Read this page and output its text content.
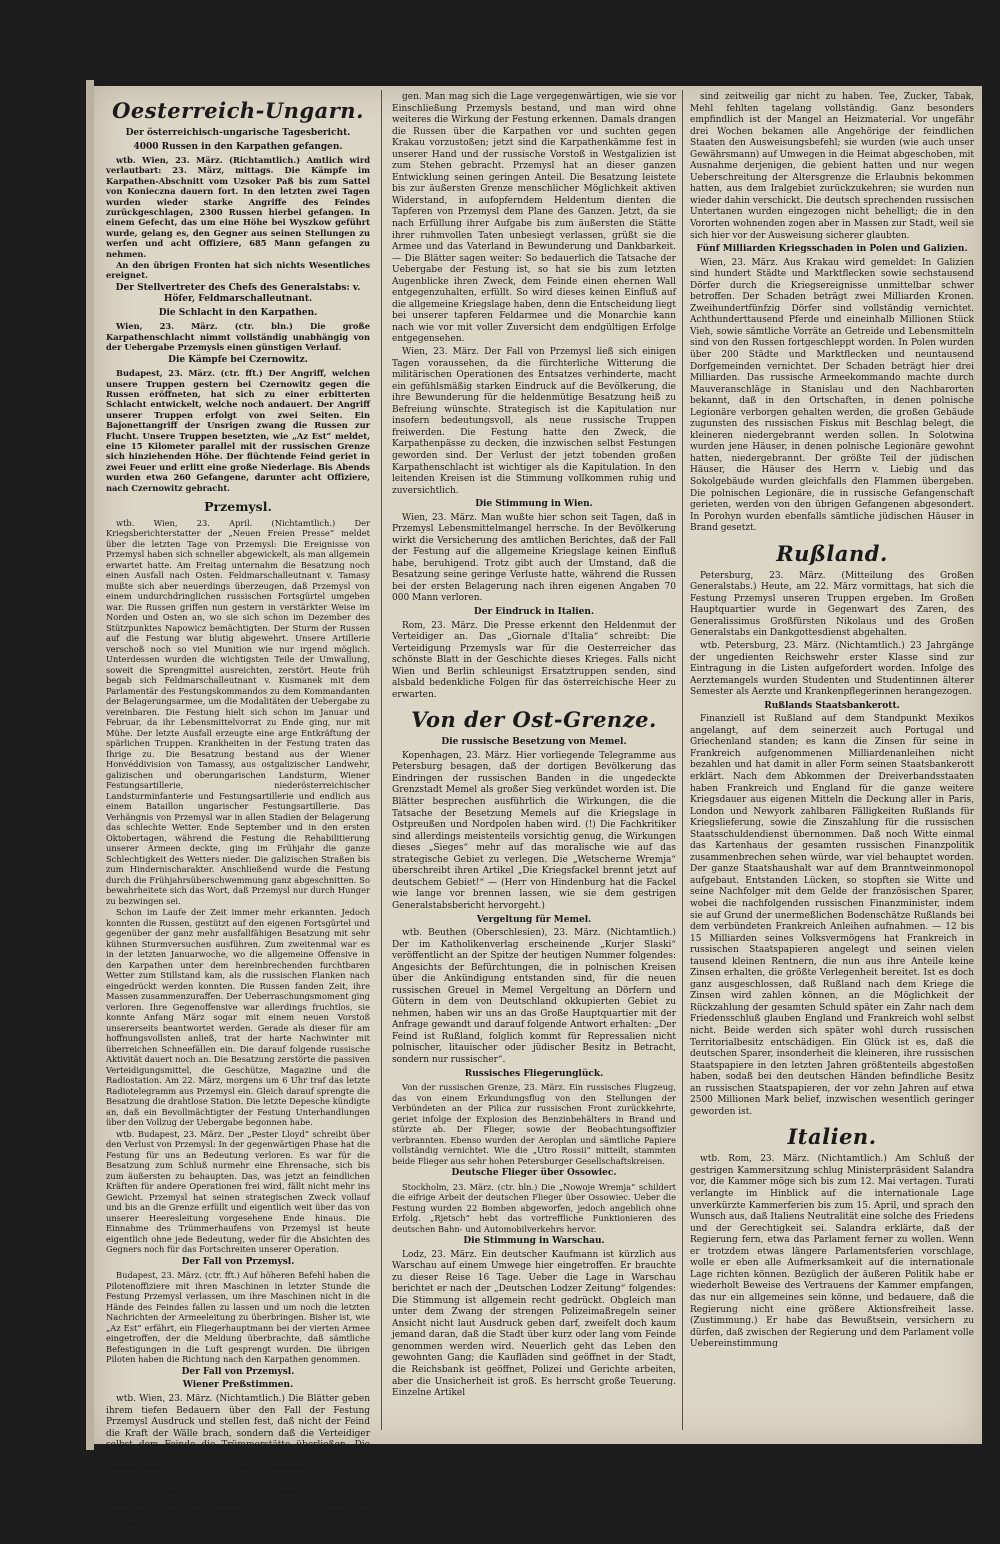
Oesterreich-Ungarn.
Der österreichisch-ungarische Tagesbericht.
4000 Russen in den Karpathen gefangen.

wtb. Wien, 23. März. (Richtamtlich.) Amtlich wird verlautbart: 23. März, mittags. Die Kämpfe im Karpathen-Abschnitt vom Uzsoker Paß bis zum Sattel von Konieczna dauern fort. In den letzten zwei Tagen wurden wieder starke Angriffe des Feindes zurückgeschlagen, 2300 Russen hierbei gefangen. In einem Gefecht, das um eine Höhe bei Wyszkow geführt wurde, gelang es, den Gegner aus seinen Stellungen zu werfen und acht Offiziere, 685 Mann gefangen zu nehmen.

An den übrigen Fronten hat sich nichts Wesentliches ereignet.

Der Stellvertreter des Chefs des Generalstabs: v. Höfer, Feldmarschalleutnant.
Die Schlacht in den Karpathen.

Wien, 23. März. (ctr. bln.) Die große Karpathenschlacht nimmt vollständig unabhängig von der Uebergabe Przemysls einen günstigen Verlauf.

Die Kämpfe bei Czernowitz.

Budapest, 23. März. (ctr. fft.) Der Angriff, welchen unsere Truppen gestern bei Czernowitz gegen die Russen eröffneten, hat sich zu einer erbitterten Schlacht entwickelt, welche noch andauert. Der Angriff unserer Truppen erfolgt von zwei Seiten. Ein Bajonettangriff der Unsrigen zwang die Russen zur Flucht. Unsere Truppen besetzten, wie „Az Est“ meldet, eine 15 Kilometer parallel mit der russischen Grenze sich hinziehenden Höhe. Der flüchtende Feind geriet in zwei Feuer und erlitt eine große Niederlage. Bis Abends wurden etwa 260 Gefangene, darunter acht Offiziere, nach Czernowitz gebracht.

Przemysl.

wtb. Wien, 23. April. (Nichtamtlich.) Der Kriegsberichterstatter der „Neuen Freien Presse“ meldet über die letzten Tage von Przemysl: Die Ereignisse von Przemysl haben sich schneller abgewickelt, als man allgemein erwartet hatte. Am Freitag unternahm die Besatzung noch einen Ausfall nach Osten. Feldmarschalleutnant v. Tamasy mußte sich aber neuerdings überzeugen, daß Przemysl von einem undurchdringlichen russischen Fortsgürtel umgeben war. Die Russen griffen nun gestern in verstärkter Weise im Norden und Osten an, wo sie sich schon im Dezember des Stützpunktes Napowicz bemächtigten. Der Sturm der Russen auf die Festung war blutig abgewehrt. Unsere Artillerie verschoß noch so viel Munition wie nur irgend möglich. Unterdessen wurden die wichtigsten Teile der Umwallung, soweit die Sprengmittel ausreichten, zerstört. Heute früh begab sich Feldmarschalleutnant v. Kusmanek mit dem Parlamentär des Festungskommandos zu dem Kommandanten der Belagerungsarmee, um die Modalitäten der Uebergabe zu vereinbaren. Die Festung hielt sich schon im Januar und Februar, da ihr Lebensmittelvorrat zu Ende ging, nur mit Mühe. Der letzte Ausfall erzeugte eine arge Entkräftung der spärlichen Truppen. Krankheiten in der Festung traten das Ihrige zu. Die Besatzung bestand aus der Wiener Honvéddivision von Tamassy, aus ostgalizischer Landwehr, galizischen und oberungarischen Landsturm, Wiener Festungsartillerie, niederösterreichischer Landsturminfanterie und Festungsartillerie und endlich aus einem Bataillon ungarischer Festungsartillerie. Das Verhängnis von Przemysl war in allen Stadien der Belagerung das schlechte Wetter. Ende September und in den ersten Oktobertagen, während die Festung die Rehabilitierung unserer Armeen deckte, ging im Frühjahr die ganze Schlechtigkeit des Wetters nieder. Die galizischen Straßen bis zum Hindernischarakter. Anschließend wurde die Festung durch die Frühjahrsüberschwemmung ganz abgeschnitten. So bewahrheitete sich das Wort, daß Przemysl nur durch Hunger zu bezwingen sei.

Schon im Laufe der Zeit immer mehr erkannten. Jedoch konnten die Russen, gestützt auf den eigenen Fortsgürtel und gegenüber der ganz mehr ausfallfähigen Besatzung mit sehr kühnen Sturmversuchen ausführen. Zum zweitenmal war es in der letzten Januarwoche, wo die allgemeine Offensive in den Karpathen unter dem hereinbrechenden furchtbaren Wetter zum Stillstand kam, als die russischen Flanken nach eingedrückt werden konnten. Die Russen fanden Zeit, ihre Massen zusammenzuraffen. Der Ueberraschungsmoment ging verloren. Ihre Gegenoffensive war allerdings fruchtlos, sie konnte Anfang März sogar mit einem neuen Vorstoß unsererseits beantwortet werden. Gerade als dieser für am hoffnungsvollsten anließ, trat der harte Nachwinter mit überreichen Schneefällen ein. Die darauf folgende russische Aktivität dauert noch an. Die Besatzung zerstörte die passiven Verteidigungsmittel, die Geschütze, Magazine und die Radiostation. Am 22. März, morgens um 6 Uhr traf das letzte Radiotelegramm aus Przemysl ein. Gleich darauf sprengte die Besatzung die drahtlose Station. Die letzte Depesche kündigte an, daß ein Bevollmächtigter der Festung Unterhandlungen über den Vollzug der Uebergabe begonnen habe.

wtb. Budapest, 23. März. Der „Pester Lloyd“ schreibt über den Verlust von Przemysl: In der gegenwärtigen Phase hat die Festung für uns an Bedeutung verloren. Es war für die Besatzung zum Schluß nurmehr eine Ehrensache, sich bis zum äußersten zu behaupten. Das, was jetzt an feindlichen Kräften für andere Operationen frei wird, fällt nicht mehr ins Gewicht. Przemysl hat seinen strategischen Zweck vollauf und bis an die Grenze erfüllt und eigentlich weit über das von unserer Heeresleitung vorgesehene Ende hinaus. Die Einnahme des Trümmerhaufens von Przemysl ist heute eigentlich ohne jede Bedeutung, weder für die Absichten des Gegners noch für das Fortschreiten unserer Operation.

Der Fall von Przemysl.

Budapest, 23. März. (ctr. fft.) Auf höheren Befehl haben die Pilotenoffiziere mit ihren Maschinen in letzter Stunde die Festung Przemysl verlassen, um ihre Maschinen nicht in die Hände des Feindes fallen zu lassen und um noch die letzten Nachrichten der Armeeleitung zu überbringen. Bisher ist, wie „Az Est“ erfährt, ein Fliegerhauptmann bei der vierten Armee eingetroffen, der die Meldung überbrachte, daß sämtliche Befestigungen in die Luft gesprengt wurden. Die übrigen Piloten haben die Richtung nach den Karpathen genommen.

Der Fall von Przemysl.
Wiener Preßstimmen.

wtb. Wien, 23. März. (Nichtamtlich.) Die Blätter geben ihrem tiefen Bedauern über den Fall der Festung Przemysl Ausdruck und stellen fest, daß nicht der Feind die Kraft der Wälle brach, sondern daß die Verteidiger selbst dem Feinde die Trümmerstätte überließen. Die Helden von Przemysl, die durch viereinhalb Monate dem Feinde einen starken Widerstand leisteten, haben nicht umsonst gekämpft. Den Zweck, den die Festung Przemysl erfüllen sollte, hat sie erfüllt. Wie ein Pfahl blieb sie durch viereinhalb Monate im Fleische des Gegners haften, zog seine Kräfte an und band sie, während auf dem Kriegsschauplatz des Weltkrieges wichtige Ereignisse vor sich gingen.

gen. Man mag sich die Lage vergegenwärtigen, wie sie vor Einschließung Przemysls bestand, und man wird ohne weiteres die Wirkung der Festung erkennen. Damals drangen die Russen über die Karpathen vor und suchten gegen Krakau vorzustoßen; jetzt sind die Karpathenkämme fest in unserer Hand und der russische Vorstoß in Westgalizien ist zum Stehen gebracht. Przemysl hat an dieser ganzen Entwicklung seinen geringen Anteil. Die Besatzung leistete bis zur äußersten Grenze menschlicher Möglichkeit aktiven Widerstand, in aufopferndem Heldentum dienten die Tapferen von Przemysl dem Plane des Ganzen. Jetzt, da sie nach Erfüllung ihrer Aufgabe bis zum äußersten die Stätte ihrer ruhmvollen Taten unbesiegt verlassen, grüßt sie die Armee und das Vaterland in Bewunderung und Dankbarkeit. — Die Blätter sagen weiter: So bedauerlich die Tatsache der Uebergabe der Festung ist, so hat sie bis zum letzten Augenblicke ihren Zweck, dem Feinde einen ehernen Wall entgegenzuhalten, erfüllt. So wird dieses keinen Einfluß auf die allgemeine Kriegslage haben, denn die Entscheidung liegt bei unserer tapferen Feldarmee und die Monarchie kann nach wie vor mit voller Zuversicht dem endgültigen Erfolge entgegensehen.

Wien, 23. März. Der Fall von Przemysl ließ sich einigen Tagen voraussehen, da die fürchterliche Witterung die militärischen Operationen des Entsatzes verhinderte, macht ein gefühlsmäßig starken Eindruck auf die Bevölkerung, die ihre Bewunderung für die heldenmütige Besatzung heiß zu Befreiung wünschte. Strategisch ist die Kapitulation nur insofern bedeutungsvoll, als neue russische Truppen freiwerden. Die Festung hatte den Zweck, die Karpathenpässe zu decken, die inzwischen selbst Festungen geworden sind. Der Verlust der jetzt tobenden großen Karpathenschlacht ist wichtiger als die Kapitulation. In den leitenden Kreisen ist die Stimmung vollkommen ruhig und zuversichtlich.

Die Stimmung in Wien.

Wien, 23. März. Man wußte hier schon seit Tagen, daß in Przemysl Lebensmittelmangel herrsche. In der Bevölkerung wirkt die Versicherung des amtlichen Berichtes, daß der Fall der Festung auf die allgemeine Kriegslage keinen Einfluß habe, beruhigend. Trotz gibt auch der Umstand, daß die Besatzung seine geringe Verluste hatte, während die Russen bei der ersten Belagerung nach ihren eigenen Angaben 70 000 Mann verloren.

Der Eindruck in Italien.

Rom, 23. März. Die Presse erkennt den Heldenmut der Verteidiger an. Das „Giornale d'Italia“ schreibt: Die Verteidigung Przemysls war für die Oesterreicher das schönste Blatt in der Geschichte dieses Krieges. Falls nicht Wien und Berlin schleunigst Ersatztruppen senden, sind alsbald bedenkliche Folgen für das österreichische Heer zu erwarten.

Von der Ost-Grenze.
Die russische Besetzung von Memel.

Kopenhagen, 23. März. Hier vorliegende Telegramme aus Petersburg besagen, daß der dortigen Bevölkerung das Eindringen der russischen Banden in die ungedeckte Grenzstadt Memel als großer Sieg verkündet worden ist. Die Blätter besprechen ausführlich die Wirkungen, die die Tatsache der Besetzung Memels auf die Kriegslage in Ostpreußen und Nordpolen haben wird. (!) Die Fachkritiker sind allerdings meistenteils vorsichtig genug, die Wirkungen dieses „Sieges“ mehr auf das moralische wie auf das strategische Gebiet zu verlegen. Die „Wetscherne Wremja“ überschreibt ihren Artikel „Die Kriegsfackel brennt jetzt auf deutschem Gebiet!“ — (Herr von Hindenburg hat die Fackel wie lange vor brennen lassen, wie sie dem gestrigen Generalstabsbericht hervorgeht.)

Vergeltung für Memel.

wtb. Beuthen (Oberschlesien), 23. März. (Nichtamtlich.) Der im Katholikenverlag erscheinende „Kurjer Slaski“ veröffentlicht an der Spitze der heutigen Nummer folgendes: Angesichts der Befürchtungen, die in polnischen Kreisen über die Ankündigung entstanden sind, für die neuen russischen Greuel in Memel Vergeltung an Dörfern und Gütern in dem von Deutschland okkupierten Gebiet zu nehmen, haben wir uns an das Große Hauptquartier mit der Anfrage gewandt und darauf folgende Antwort erhalten: „Der Feind ist Rußland, folglich kommt für Repressalien nicht polnischer, litauischer oder jüdischer Besitz in Betracht, sondern nur russischer“.

Russisches Fliegerunglück.

Von der russischen Grenze, 23. März. Ein russisches Flugzeug, das von einem Erkundungsflug von den Stellungen der Verbündeten an der Pilica zur russischen Front zurückkehrte, geriet infolge der Explosion des Benzinbehälters in Brand und stürzte ab. Der Flieger, sowie der Beobachtungsoffizier verbrannten. Ebenso wurden der Aeroplan und sämtliche Papiere vollständig vernichtet. Wie die „Utro Rossii“ mitteilt, stammten beide Flieger aus sehr hohen Petersburger Gesellschaftskreisen.

Deutsche Flieger über Ossowiec.

Stockholm, 23. März. (ctr. bln.) Die „Nowoje Wremja“ schildert die eifrige Arbeit der deutschen Flieger über Ossowiec. Ueber die Festung wurden 22 Bomben abgeworfen, jedoch angeblich ohne Erfolg. „Rjetsch“ hebt das vortreffliche Funktionieren des deutschen Bahn- und Automobilverkehrs hervor.

Die Stimmung in Warschau.

Lodz, 23. März. Ein deutscher Kaufmann ist kürzlich aus Warschau auf einem Umwege hier eingetroffen. Er brauchte zu dieser Reise 16 Tage. Ueber die Lage in Warschau berichtet er nach der „Deutschen Lodzer Zeitung“ folgendes: Die Stimmung ist allgemein recht gedrückt. Obgleich man unter dem Zwang der strengen Polizeimaßregeln seiner Ansicht nicht laut Ausdruck geben darf, zweifelt doch kaum jemand daran, daß die Stadt über kurz oder lang vom Feinde genommen werden wird. Neuerlich geht das Leben den gewohnten Gang; die Kaufläden sind geöffnet in der Stadt, die Reichsbank ist geöffnet, Polizei und Gerichte arbeiten, aber die Unsicherheit ist groß. Es herrscht große Teuerung. Einzelne Artikel

sind zeitweilig gar nicht zu haben. Tee, Zucker, Tabak, Mehl fehlten tagelang vollständig. Ganz besonders empfindlich ist der Mangel an Heizmaterial. Vor ungefähr drei Wochen bekamen alle Angehörige der feindlichen Staaten den Ausweisungsbefehl; sie wurden (wie auch unser Gewährsmann) auf Umwegen in die Heimat abgeschoben, mit Ausnahme derjenigen, die gebient hatten und nur wegen Ueberschreitung der Altersgrenze die Erlaubnis bekommen hatten, aus dem Iralgebiet zurückzukehren; sie wurden nun wieder dahin verschickt. Die deutsch sprechenden russischen Untertanen wurden eingezogen nicht behelligt; die in den Vororten wohnenden zogen aber in Massen zur Stadt, weil sie sich hier vor der Ausweisung sicherer glaubten.

Fünf Milliarden Kriegsschaden in Polen und Galizien.

Wien, 23. März. Aus Krakau wird gemeldet: In Galizien sind hundert Städte und Marktflecken sowie sechstausend Dörfer durch die Kriegsereignisse unmittelbar schwer betroffen. Der Schaden beträgt zwei Milliarden Kronen. Zweihundertfünfzig Dörfer sind vollständig vernichtet. Achthunderttausend Pferde und eineinhalb Millionen Stück Vieh, sowie sämtliche Vorräte an Getreide und Lebensmitteln sind von den Russen fortgeschleppt worden. In Polen wurden über 200 Städte und Marktflecken und neuntausend Dorfgemeinden vernichtet. Der Schaden beträgt hier drei Milliarden. Das russische Armeekommando machte durch Mauveranschläge in Stanislau und den Nachbarorten bekannt, daß in den Ortschaften, in denen polnische Legionäre verborgen gehalten werden, die großen Gebäude zugunsten des russischen Fiskus mit Beschlag belegt, die kleineren niedergebrannt werden sollen. In Solotwina wurden jene Häuser, in denen polnische Legionäre gewohnt hatten, niedergebrannt. Der größte Teil der jüdischen Häuser, die Häuser des Herrn v. Liebig und das Sokolgebäude wurden gleichfalls den Flammen übergeben. Die polnischen Legionäre, die in russische Gefangenschaft gerieten, werden von den übrigen Gefangenen abgesondert. In Porohyn wurden ebenfalls sämtliche jüdischen Häuser in Brand gesetzt.

Rußland.

Petersburg, 23. März. (Mitteilung des Großen Generalstabs.) Heute, am 22. März vormittags, hat sich die Festung Przemysl unseren Truppen ergeben. Im Großen Hauptquartier wurde in Gegenwart des Zaren, des Generalissimus Großfürsten Nikolaus und des Großen Generalstabs ein Dankgottesdienst abgehalten.

wtb. Petersburg, 23. März. (Nichtamtlich.) 23 Jahrgänge der ungedienten Reichswehr erster Klasse sind zur Eintragung in die Listen aufgefordert worden. Infolge des Aerztemangels wurden Studenten und Studentinnen älterer Semester als Aerzte und Krankenpflegerinnen herangezogen.

Rußlands Staatsbankerott.

Finanziell ist Rußland auf dem Standpunkt Mexikos angelangt, auf dem seinerzeit auch Portugal und Griechenland standen; es kann die Zinsen für seine in Frankreich aufgenommenen Milliardenanleihen nicht bezahlen und hat damit in aller Form seinen Staatsbankerott erklärt. Nach dem Abkommen der Dreiverbandsstaaten haben Frankreich und England für die ganze weitere Kriegsdauer aus eigenen Mitteln die Deckung aller in Paris, London und Newyork zahlbaren Fälligkeiten Rußlands für Kriegslieferung, sowie die Zinszahlung für die russischen Staatsschuldendienst übernommen. Daß noch Witte einmal das Kartenhaus der gesamten russischen Finanzpolitik zusammenbrechen sehen würde, war viel behauptet worden. Der ganze Staatshaushalt war auf dem Branntweinmonopol aufgebaut. Entstanden Lücken, so stopften sie Witte und seine Nachfolger mit dem Gelde der französischen Sparer, wobei die nachfolgenden russischen Finanzminister, indem sie auf Grund der unermeßlichen Bodenschätze Rußlands bei dem verbündeten Frankreich Anleihen aufnahmen. — 12 bis 15 Milliarden seines Volksvermögens hat Frankreich in russischen Staatspapieren angelegt und seinen vielen tausend kleinen Rentnern, die nun aus ihre Anteile keine Zinsen erhalten, die größte Verlegenheit bereitet. Ist es doch ganz ausgeschlossen, daß Rußland nach dem Kriege die Zinsen wird zahlen können, an die Möglichkeit der Rückzahlung der gesamten Schuld später ein Zahr nach dem Friedensschluß glauben England und Frankreich wohl selbst nicht. Beide werden sich später wohl durch russischen Territorialbesitz entschädigen. Ein Glück ist es, daß die deutschen Sparer, insonderheit die kleineren, ihre russischen Staatspapiere in den letzten Jahren größtenteils abgestoßen haben, sodaß bei den deutschen Händen befindliche Besitz an russischen Staatspapieren, der vor zehn Jahren auf etwa 2500 Millionen Mark belief, inzwischen wesentlich geringer geworden ist.

Italien.

wtb. Rom, 23. März. (Nichtamtlich.) Am Schluß der gestrigen Kammersitzung schlug Ministerpräsident Salandra vor, die Kammer möge sich bis zum 12. Mai vertagen. Turati verlangte im Hinblick auf die internationale Lage unverkürzte Kammerferien bis zum 15. April, und sprach den Wunsch aus, daß Italiens Neutralität eine solche des Friedens und der Gerechtigkeit sei. Salandra erklärte, daß der Regierung fern, etwa das Parlament ferner zu wollen. Wenn er trotzdem etwas längere Parlamentsferien vorschlage, wolle er eben alle Aufmerksamkeit auf die internationale Lage richten können. Bezüglich der äußeren Politik habe er wiederholt Beweise des Vertrauens der Kammer empfangen, das nur ein allgemeines sein könne, und bedauere, daß die Regierung nicht eine größere Aktionsfreiheit lasse. (Zustimmung.) Er habe das Bewußtsein, versichern zu dürfen, daß zwischen der Regierung und dem Parlament volle Uebereinstimmung
